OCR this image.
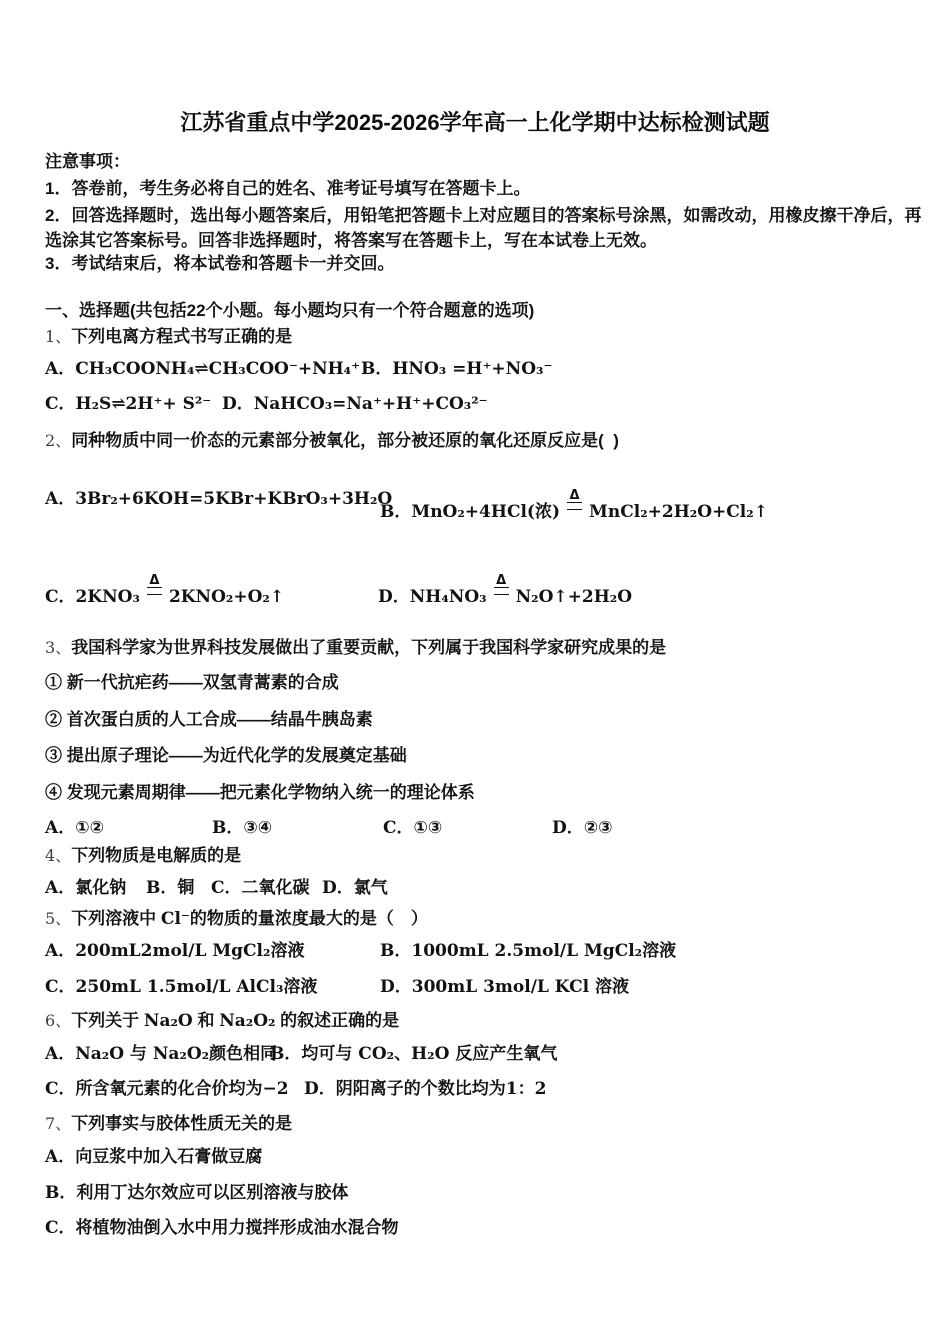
江苏省重点中学2025-2026学年高一上化学期中达标检测试题
注意事项：
1．答卷前，考生务必将自己的姓名、准考证号填写在答题卡上。
2．回答选择题时，选出每小题答案后，用铅笔把答题卡上对应题目的答案标号涂黑，如需改动，用橡皮擦干净后，再选涂其它答案标号。回答非选择题时，将答案写在答题卡上，写在本试卷上无效。
3．考试结束后，将本试卷和答题卡一并交回。
一、选择题(共包括22个小题。每小题均只有一个符合题意的选项)
1、下列电离方程式书写正确的是
A．CH₃COONH₄⇌CH₃COO⁻+NH₄⁺ B．HNO₃ =H⁺+NO₃⁻
C．H₂S⇌2H⁺+ S²⁻ D．NaHCO₃=Na⁺+H⁺+CO₃²⁻
2、同种物质中同一价态的元素部分被氧化，部分被还原的氧化还原反应是(  )
A．3Br₂+6KOH=5KBr+KBrO₃+3H₂O
B．MnO₂+4HCl(浓)
Δ
MnCl₂+2H₂O+Cl₂↑
C．2KNO₃
Δ
2KNO₂+O₂↑	D．NH₄NO₃
Δ
N₂O↑+2H₂O
3、我国科学家为世界科技发展做出了重要贡献，下列属于我国科学家研究成果的是
① 新一代抗疟药——双氢青蒿素的合成
② 首次蛋白质的人工合成——结晶牛胰岛素
③ 提出原子理论——为近代化学的发展奠定基础
④ 发现元素周期律——把元素化学物纳入统一的理论体系
A．①②	B．③④	C．①③	D．②③
4、下列物质是电解质的是
A．氯化钠 B．铜 C．二氧化碳 D．氯气
5、下列溶液中 Cl⁻的物质的量浓度最大的是（　）
A．200mL2mol/L MgCl₂溶液	B．1000mL 2.5mol/L MgCl₂溶液
C．250mL 1.5mol/L AlCl₃溶液	D．300mL 3mol/L KCl 溶液
6、下列关于 Na₂O 和 Na₂O₂ 的叙述正确的是
A．Na₂O 与 Na₂O₂颜色相同
B．均可与 CO₂、H₂O 反应产生氧气
C．所含氧元素的化合价均为−2 D．阴阳离子的个数比均为1：2
7、下列事实与胶体性质无关的是
A．向豆浆中加入石膏做豆腐
B．利用丁达尔效应可以区别溶液与胶体
C．将植物油倒入水中用力搅拌形成油水混合物
